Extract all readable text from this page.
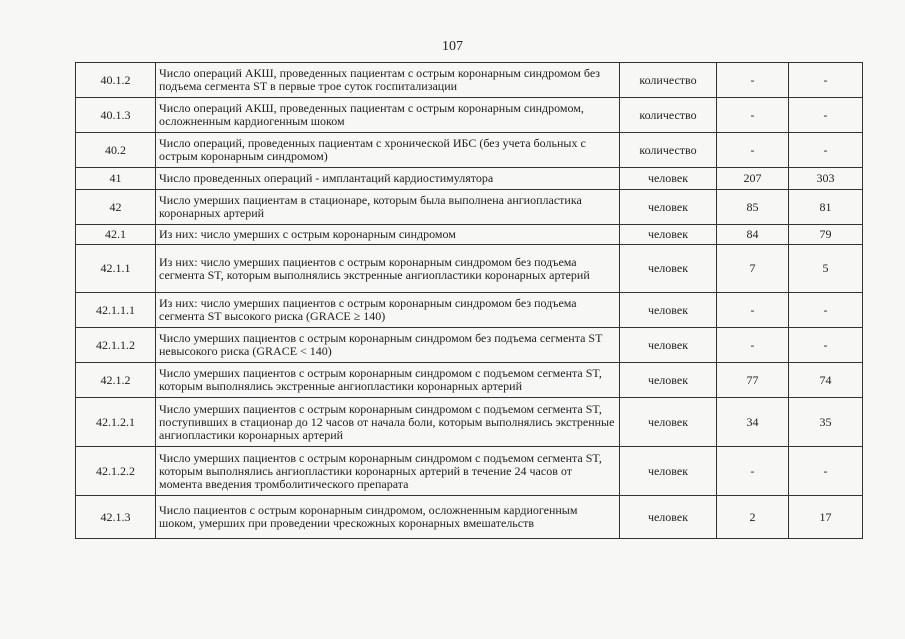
107
40.1.2	Число операций АКШ, проведенных пациентам с острым коронарным синдромом без подъема сегмента ST в первые трое суток госпитализации	количество	-	-
40.1.3	Число операций АКШ, проведенных пациентам с острым коронарным синдромом, осложненным кардиогенным шоком	количество	-	-
40.2	Число операций, проведенных пациентам с хронической ИБС (без учета больных с острым коронарным синдромом)	количество	-	-
41	Число проведенных операций - имплантаций кардиостимулятора	человек	207	303
42	Число умерших пациентам в стационаре, которым была выполнена ангиопластика коронарных артерий	человек	85	81
42.1	Из них: число умерших с острым коронарным синдромом	человек	84	79
42.1.1	Из них: число умерших пациентов с острым коронарным синдромом без подъема сегмента ST, которым выполнялись экстренные ангиопластики коронарных артерий	человек	7	5
42.1.1.1	Из них: число умерших пациентов с острым коронарным синдромом без подъема сегмента ST высокого риска (GRACE ≥ 140)	человек	-	-
42.1.1.2	Число умерших пациентов с острым коронарным синдромом без подъема сегмента ST невысокого риска (GRACE < 140)	человек	-	-
42.1.2	Число умерших пациентов с острым коронарным синдромом с подъемом сегмента ST, которым выполнялись экстренные ангиопластики коронарных артерий	человек	77	74
42.1.2.1	Число умерших пациентов с острым коронарным синдромом с подъемом сегмента ST, поступивших в стационар до 12 часов от начала боли, которым выполнялись экстренные ангиопластики коронарных артерий	человек	34	35
42.1.2.2	Число умерших пациентов с острым коронарным синдромом с подъемом сегмента ST, которым выполнялись ангиопластики коронарных артерий в течение 24 часов от момента введения тромболитического препарата	человек	-	-
42.1.3	Число пациентов с острым коронарным синдромом, осложненным кардиогенным шоком, умерших при проведении чрескожных коронарных вмешательств	человек	2	17
